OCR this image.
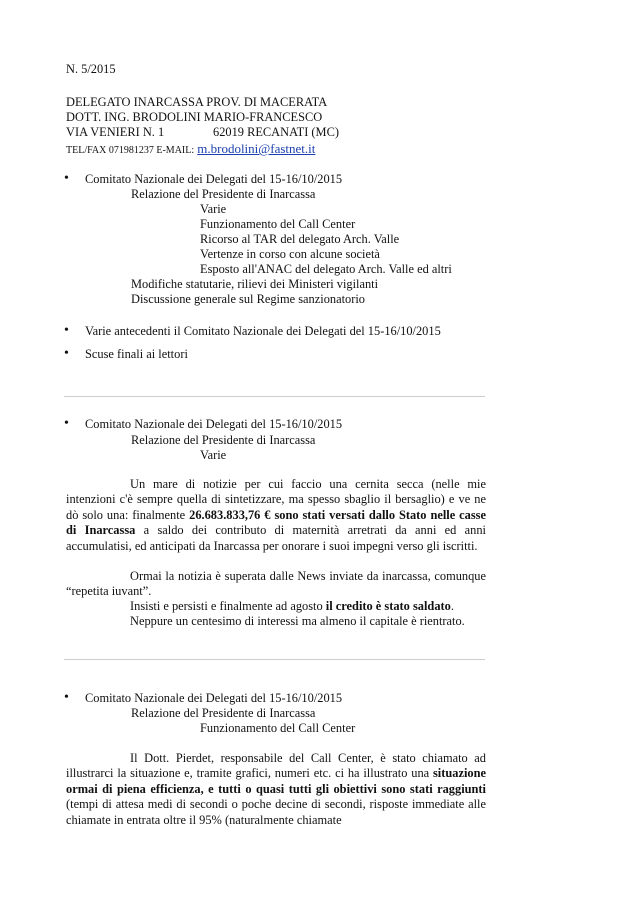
N. 5/2015
DELEGATO INARCASSA PROV. DI MACERATA
DOTT. ING. BRODOLINI MARIO-FRANCESCO
VIA VENIERI N. 1	62019 RECANATI (MC)
TEL/FAX 071981237 E-MAIL: m.brodolini@fastnet.it
• Comitato Nazionale dei Delegati del 15-16/10/2015
Relazione del Presidente di Inarcassa
Varie
Funzionamento del Call Center
Ricorso al TAR del delegato Arch. Valle
Vertenze in corso con alcune società
Esposto all'ANAC del delegato Arch. Valle ed altri
Modifiche statutarie, rilievi dei Ministeri vigilanti
Discussione generale sul Regime sanzionatorio
• Varie antecedenti il Comitato Nazionale dei Delegati del 15-16/10/2015
• Scuse finali ai lettori
• Comitato Nazionale dei Delegati del 15-16/10/2015
Relazione del Presidente di Inarcassa
Varie
Un mare di notizie per cui faccio una cernita secca (nelle mie intenzioni c'è sempre quella di sintetizzare, ma spesso sbaglio il bersaglio) e ve ne dò solo una: finalmente 26.683.833,76 € sono stati versati dallo Stato nelle casse di Inarcassa a saldo dei contributo di maternità arretrati da anni ed anni accumulatisi, ed anticipati da Inarcassa per onorare i suoi impegni verso gli iscritti.
Ormai la notizia è superata dalle News inviate da inarcassa, comunque “repetita iuvant”.
Insisti e persisti e finalmente ad agosto il credito è stato saldato.
Neppure un centesimo di interessi ma almeno il capitale è rientrato.
• Comitato Nazionale dei Delegati del 15-16/10/2015
Relazione del Presidente di Inarcassa
Funzionamento del Call Center
Il Dott. Pierdet, responsabile del Call Center, è stato chiamato ad illustrarci la situazione e, tramite grafici, numeri etc. ci ha illustrato una situazione ormai di piena efficienza, e tutti o quasi tutti gli obiettivi sono stati raggiunti (tempi di attesa medi di secondi o poche decine di secondi, risposte immediate alle chiamate in entrata oltre il 95% (naturalmente chiamate
